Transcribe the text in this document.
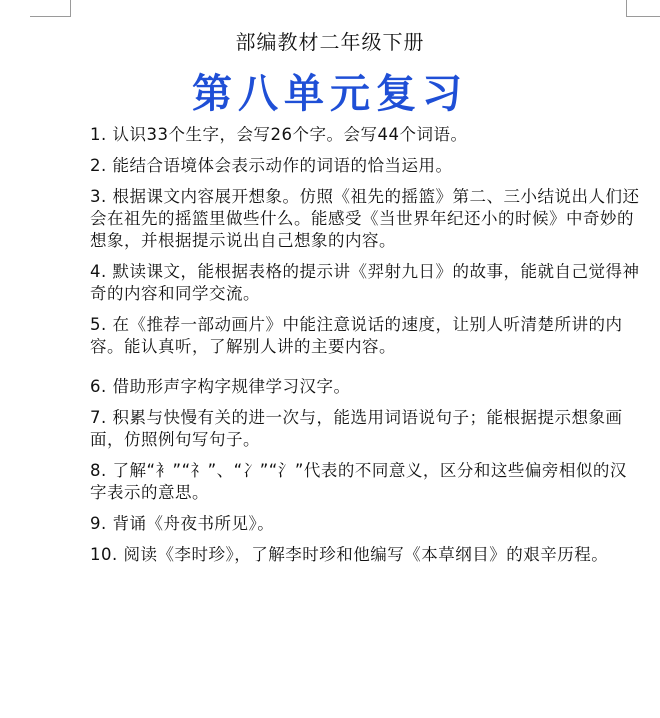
部编教材二年级下册
第八单元复习
1. 认识33个生字，会写26个字。会写44个词语。
2. 能结合语境体会表示动作的词语的恰当运用。
3. 根据课文内容展开想象。仿照《祖先的摇篮》第二、三小结说出人们还会在祖先的摇篮里做些什么。能感受《当世界年纪还小的时候》中奇妙的想象，并根据提示说出自己想象的内容。
4. 默读课文，能根据表格的提示讲《羿射九日》的故事，能就自己觉得神奇的内容和同学交流。
5. 在《推荐一部动画片》中能注意说话的速度，让别人听清楚所讲的内容。能认真听，了解别人讲的主要内容。
6. 借助形声字构字规律学习汉字。
7. 积累与快慢有关的进一次与，能选用词语说句子；能根据提示想象画面，仿照例句写句子。
8. 了解“衤”“礻”、“冫”“氵”代表的不同意义，区分和这些偏旁相似的汉字表示的意思。
9. 背诵《舟夜书所见》。
10. 阅读《李时珍》，了解李时珍和他编写《本草纲目》的艰辛历程。
